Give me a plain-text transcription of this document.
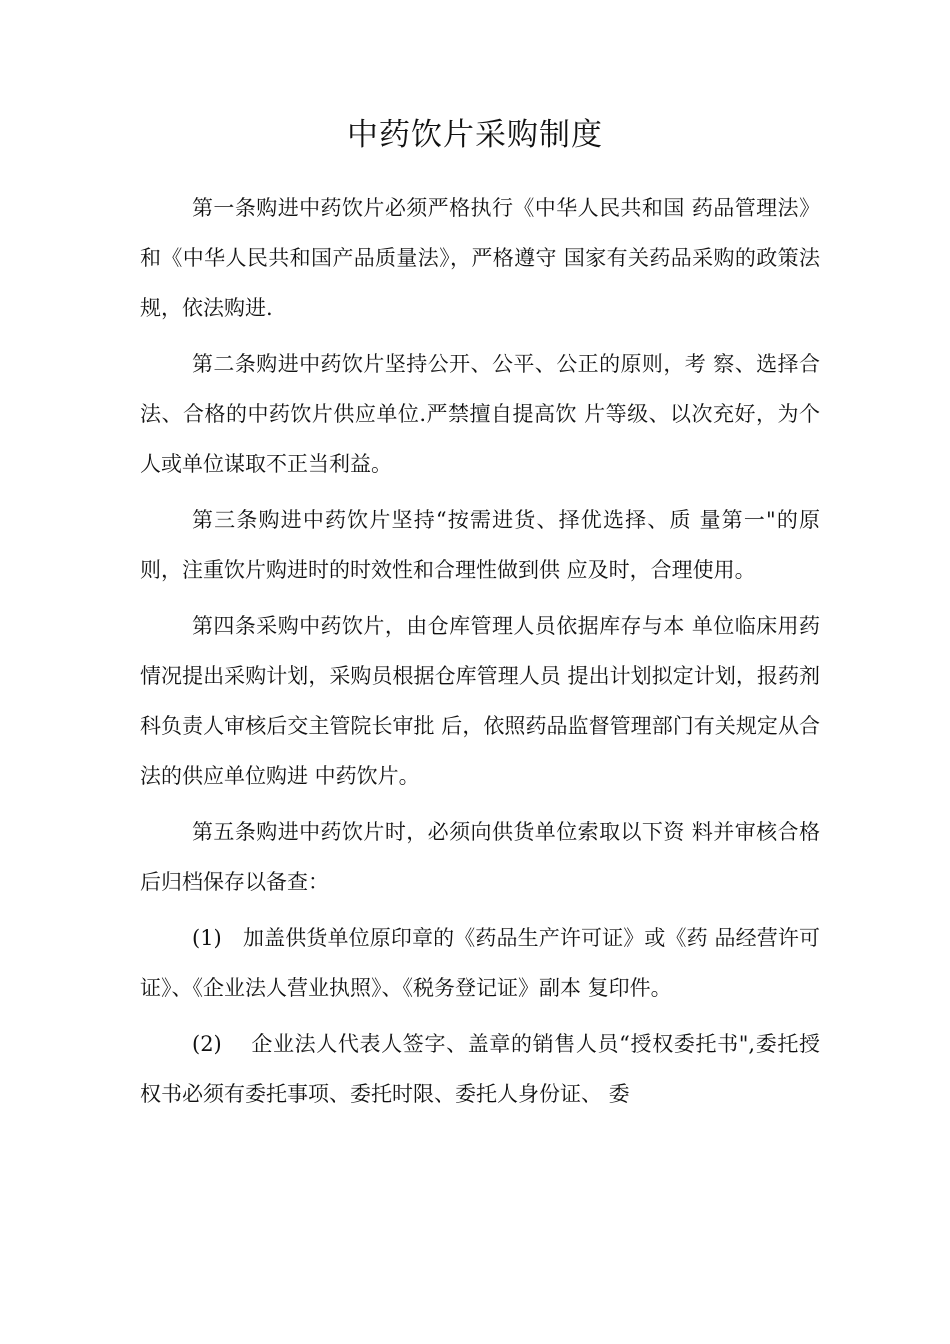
中药饮片采购制度

第一条购进中药饮片必须严格执行《中华人民共和国 药品管理法》和《中华人民共和国产品质量法》，严格遵守 国家有关药品采购的政策法规，依法购进.

第二条购进中药饮片坚持公开、公平、公正的原则，考 察、选择合法、合格的中药饮片供应单位.严禁擅自提高饮 片等级、以次充好，为个人或单位谋取不正当利益。

第三条购进中药饮片坚持“按需进货、择优选择、质 量第一"的原则，注重饮片购进时的时效性和合理性做到供 应及时，合理使用。

第四条采购中药饮片，由仓库管理人员依据库存与本 单位临床用药情况提出采购计划，采购员根据仓库管理人员 提出计划拟定计划，报药剂科负责人审核后交主管院长审批 后，依照药品监督管理部门有关规定从合法的供应单位购进 中药饮片。

第五条购进中药饮片时，必须向供货单位索取以下资 料并审核合格后归档保存以备查：

(1)　加盖供货单位原印章的《药品生产许可证》或《药 品经营许可证》、《企业法人营业执照》、《税务登记证》副本 复印件。

(2)　 企业法人代表人签字、盖章的销售人员“授权委托书",委托授权书必须有委托事项、委托时限、委托人身份证、 委
